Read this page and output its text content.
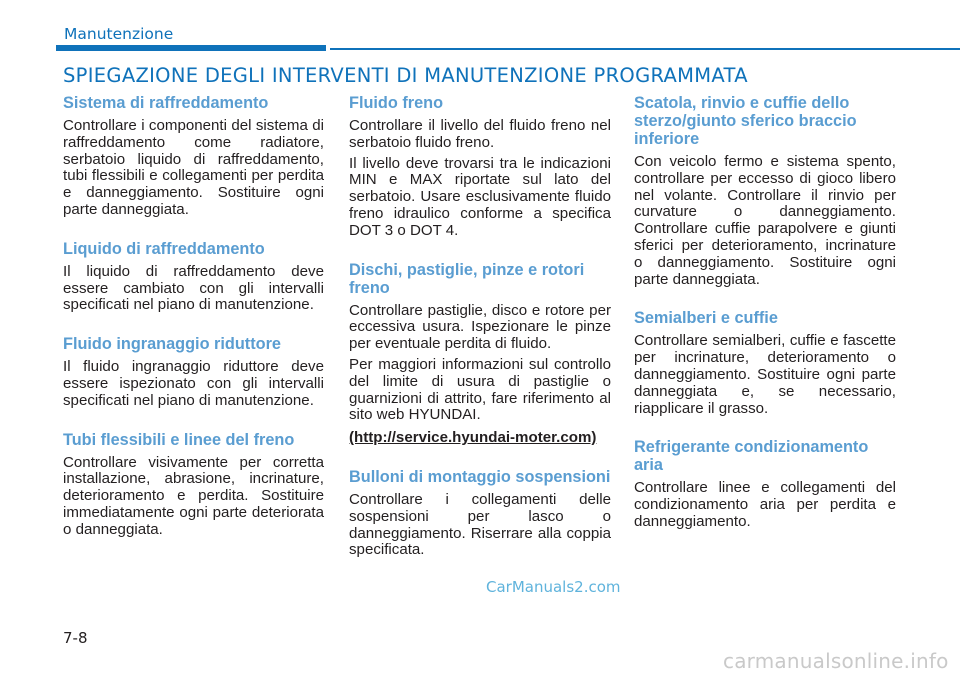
Manutenzione
SPIEGAZIONE DEGLI INTERVENTI DI MANUTENZIONE PROGRAMMATA
Sistema di raffreddamento

Controllare i componenti del sistema di raffreddamento come radiatore, serbatoio liquido di raffreddamento, tubi flessibili e collegamenti per perdita e danneggiamento. Sostituire ogni parte danneggiata.

Liquido di raffreddamento

Il liquido di raffreddamento deve essere cambiato con gli intervalli specificati nel piano di manutenzione.

Fluido ingranaggio riduttore

Il fluido ingranaggio riduttore deve essere ispezionato con gli intervalli specificati nel piano di manutenzione.

Tubi flessibili e linee del freno

Controllare visivamente per corretta installazione, abrasione, incrinature, deterioramento e perdita. Sostituire immediatamente ogni parte deteriorata o danneggiata.

Fluido freno

Controllare il livello del fluido freno nel serbatoio fluido freno.

Il livello deve trovarsi tra le indicazioni MIN e MAX riportate sul lato del serbatoio. Usare esclusivamente fluido freno idraulico conforme a specifica DOT 3 o DOT 4.

Dischi, pastiglie, pinze e rotori freno

Controllare pastiglie, disco e rotore per eccessiva usura. Ispezionare le pinze per eventuale perdita di fluido.

Per maggiori informazioni sul controllo del limite di usura di pastiglie o guarnizioni di attrito, fare riferimento al sito web HYUNDAI.

(http://service.hyundai-moter.com)

Bulloni di montaggio sospensioni

Controllare i collegamenti delle sospensioni per lasco o danneggiamento. Riserrare alla coppia specificata.

Scatola, rinvio e cuffie dello sterzo/giunto sferico braccio inferiore

Con veicolo fermo e sistema spento, controllare per eccesso di gioco libero nel volante. Controllare il rinvio per curvature o danneggiamento. Controllare cuffie parapolvere e giunti sferici per deterioramento, incrinature o danneggiamento. Sostituire ogni parte danneggiata.

Semialberi e cuffie

Controllare semialberi, cuffie e fascette per incrinature, deterioramento o danneggiamento. Sostituire ogni parte danneggiata e, se necessario, riapplicare il grasso.

Refrigerante condizionamento aria

Controllare linee e collegamenti del condizionamento aria per perdita e danneggiamento.

7-8
CarManuals2.com
carmanualsonline.info
